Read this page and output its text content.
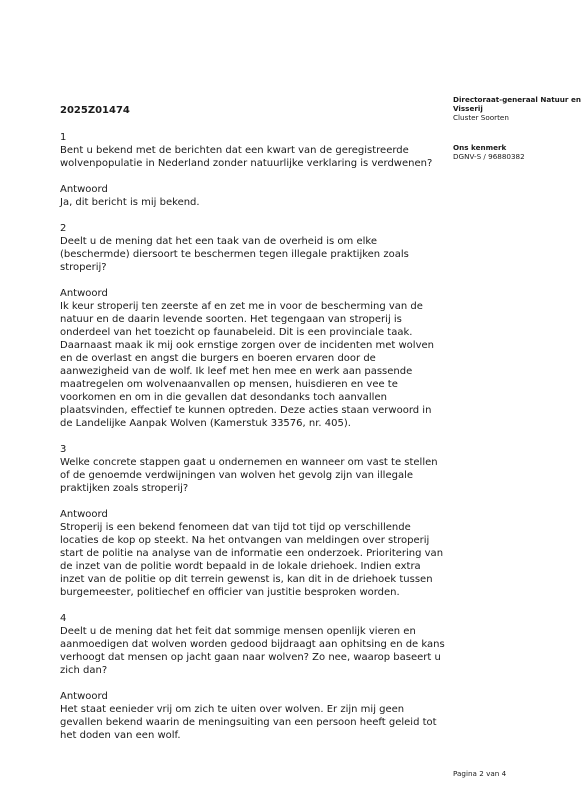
Directoraat-generaal Natuur en Visserij
Cluster Soorten
Ons kenmerk
DGNV-S / 96880382
2025Z01474

1

Bent u bekend met de berichten dat een kwart van de geregistreerde wolvenpopulatie in Nederland zonder natuurlijke verklaring is verdwenen?

Antwoord

Ja, dit bericht is mij bekend.

2

Deelt u de mening dat het een taak van de overheid is om elke (beschermde) diersoort te beschermen tegen illegale praktijken zoals stroperij?

Antwoord

Ik keur stroperij ten zeerste af en zet me in voor de bescherming van de natuur en de daarin levende soorten. Het tegengaan van stroperij is onderdeel van het toezicht op faunabeleid. Dit is een provinciale taak. Daarnaast maak ik mij ook ernstige zorgen over de incidenten met wolven en de overlast en angst die burgers en boeren ervaren door de aanwezigheid van de wolf. Ik leef met hen mee en werk aan passende maatregelen om wolvenaanvallen op mensen, huisdieren en vee te voorkomen en om in die gevallen dat desondanks toch aanvallen plaatsvinden, effectief te kunnen optreden. Deze acties staan verwoord in de Landelijke Aanpak Wolven (Kamerstuk 33576, nr. 405).

3

Welke concrete stappen gaat u ondernemen en wanneer om vast te stellen of de genoemde verdwijningen van wolven het gevolg zijn van illegale praktijken zoals stroperij?

Antwoord

Stroperij is een bekend fenomeen dat van tijd tot tijd op verschillende locaties de kop op steekt. Na het ontvangen van meldingen over stroperij start de politie na analyse van de informatie een onderzoek. Prioritering van de inzet van de politie wordt bepaald in de lokale driehoek. Indien extra inzet van de politie op dit terrein gewenst is, kan dit in de driehoek tussen burgemeester, politiechef en officier van justitie besproken worden.

4

Deelt u de mening dat het feit dat sommige mensen openlijk vieren en aanmoedigen dat wolven worden gedood bijdraagt aan ophitsing en de kans verhoogt dat mensen op jacht gaan naar wolven? Zo nee, waarop baseert u zich dan?

Antwoord

Het staat eenieder vrij om zich te uiten over wolven. Er zijn mij geen gevallen bekend waarin de meningsuiting van een persoon heeft geleid tot het doden van een wolf.

Pagina 2 van 4
